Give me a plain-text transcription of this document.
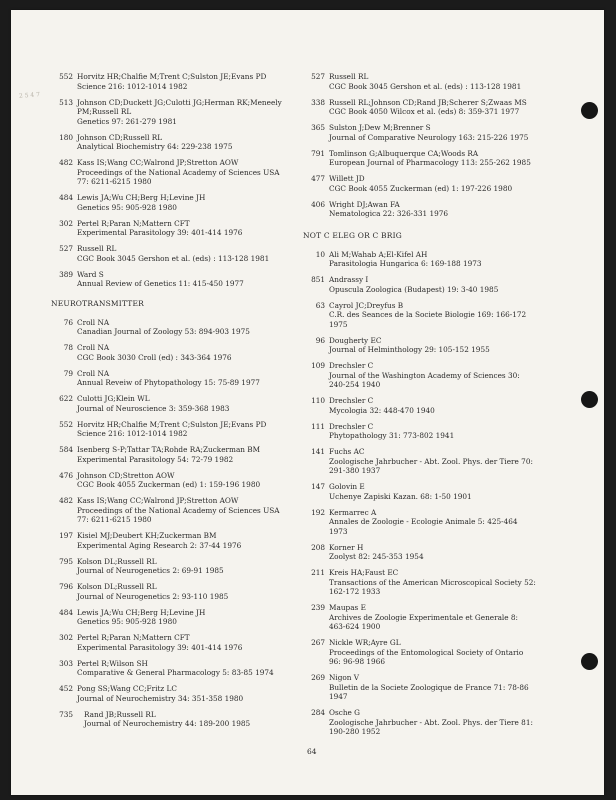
2 5 4 7
552 Horvitz HR;Chalfie M;Trent C;Sulston JE;Evans PD
Science 216: 1012-1014 1982
513 Johnson CD;Duckett JG;Culotti JG;Herman RK;Meneely
PM;Russell RL
Genetics 97: 261-279 1981
180 Johnson CD;Russell RL
Analytical Biochemistry 64: 229-238 1975
482 Kass IS;Wang CC;Walrond JP;Stretton AOW
Proceedings of the National Academy of Sciences USA
77: 6211-6215 1980
484 Lewis JA;Wu CH;Berg H;Levine JH
Genetics 95: 905-928 1980
302 Pertel R;Paran N;Mattern CFT
Experimental Parasitology 39: 401-414 1976
527 Russell RL
CGC Book 3045 Gershon et al. (eds) : 113-128 1981
389 Ward S
Annual Review of Genetics 11: 415-450 1977
NEUROTRANSMITTER
76 Croll NA
Canadian Journal of Zoology 53: 894-903 1975
78 Croll NA
CGC Book 3030 Croll (ed) : 343-364 1976
79 Croll NA
Annual Reveiw of Phytopathology 15: 75-89 1977
622 Culotti JG;Klein WL
Journal of Neuroscience 3: 359-368 1983
552 Horvitz HR;Chalfie M;Trent C;Sulston JE;Evans PD
Science 216: 1012-1014 1982
584 Isenberg S-P;Tattar TA;Rohde RA;Zuckerman BM
Experimental Parasitology 54: 72-79 1982
476 Johnson CD;Stretton AOW
CGC Book 4055 Zuckerman (ed) 1: 159-196 1980
482 Kass IS;Wang CC;Walrond JP;Stretton AOW
Proceedings of the National Academy of Sciences USA
77: 6211-6215 1980
197 Kisiel MJ;Deubert KH;Zuckerman BM
Experimental Aging Research 2: 37-44 1976
795 Kolson DL;Russell RL
Journal of Neurogenetics 2: 69-91 1985
796 Kolson DL;Russell RL
Journal of Neurogenetics 2: 93-110 1985
484 Lewis JA;Wu CH;Berg H;Levine JH
Genetics 95: 905-928 1980
302 Pertel R;Paran N;Mattern CFT
Experimental Parasitology 39: 401-414 1976
303 Pertel R;Wilson SH
Comparative & General Pharmacology 5: 83-85 1974
452 Pong SS;Wang CC;Fritz LC
Journal of Neurochemistry 34: 351-358 1980
735	Rand JB;Russell RL
Journal of Neurochemistry 44: 189-200 1985
527 Russell RL
CGC Book 3045 Gershon et al. (eds) : 113-128 1981
338 Russell RL;Johnson CD;Rand JB;Scherer S;Zwaas MS
CGC Book 4050 Wilcox et al. (eds) 8: 359-371 1977
365 Sulston J;Dew M;Brenner S
Journal of Comparative Neurology 163: 215-226 1975
791 Tomlinson G;Albuquerque CA;Woods RA
European Journal of Pharmacology 113: 255-262 1985
477 Willett JD
CGC Book 4055 Zuckerman (ed) 1: 197-226 1980
406 Wright DJ;Awan FA
Nematologica 22: 326-331 1976
NOT C ELEG OR C BRIG
10 Ali M;Wahab A;El-Kifel AH
Parasitologia Hungarica 6: 169-188 1973
851 Andrassy I
Opuscula Zoologica (Budapest) 19: 3-40 1985
63 Cayrol JC;Dreyfus B
C.R. des Seances de la Societe Biologie 169: 166-172
1975
96 Dougherty EC
Journal of Helminthology 29: 105-152 1955
109 Drechsler C
Journal of the Washington Academy of Sciences 30:
240-254 1940
110 Drechsler C
Mycologia 32: 448-470 1940
111 Drechsler C
Phytopathology 31: 773-802 1941
141 Fuchs AC
Zoologische Jahrbucher - Abt. Zool. Phys. der Tiere 70:
291-380 1937
147 Golovin E
Uchenye Zapiski Kazan. 68: 1-50 1901
192 Kermarrec A
Annales de Zoologie - Ecologie Animale 5: 425-464
1973
208 Korner H
Zoolyst 82: 245-353 1954
211 Kreis HA;Faust EC
Transactions of the American Microscopical Society 52:
162-172 1933
239 Maupas E
Archives de Zoologie Experimentale et Generale 8:
463-624 1900
267 Nickle WR;Ayre GL
Proceedings of the Entomological Society of Ontario
96: 96-98 1966
269 Nigon V
Bulletin de la Societe Zoologique de France 71: 78-86
1947
284 Osche G
Zoologische Jahrbucher - Abt. Zool. Phys. der Tiere 81:
190-280 1952
64
